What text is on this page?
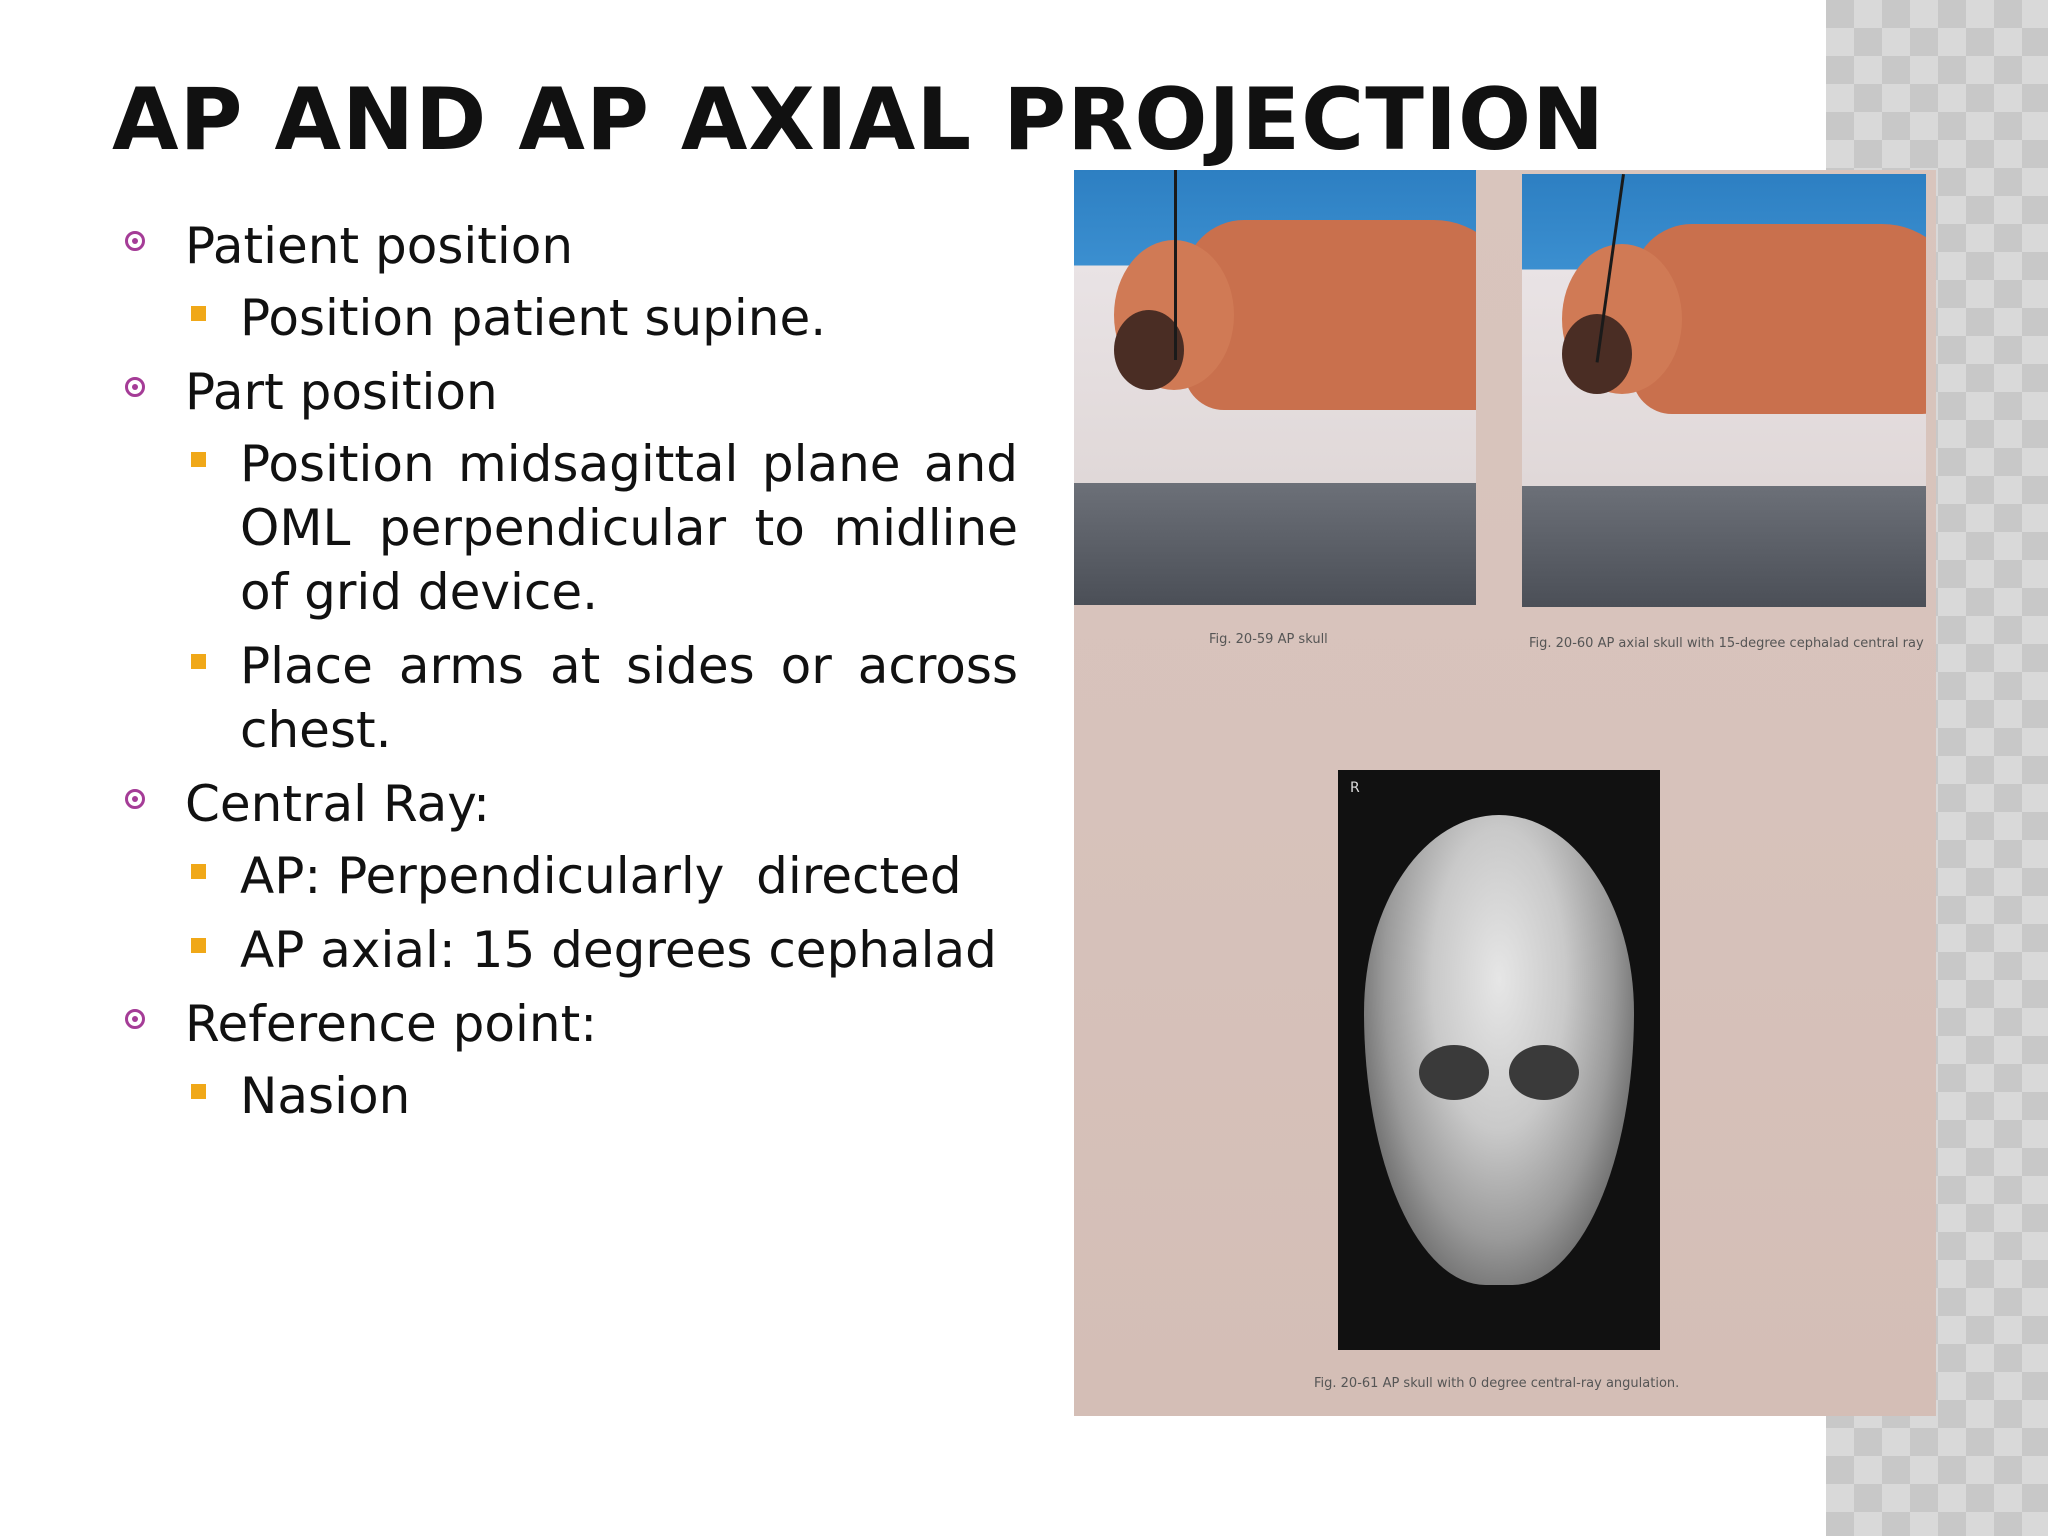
AP AND AP AXIAL PROJECTION
Patient position
Position patient supine.
Part position
Position midsagittal plane and OML perpendicular to midline of grid device.
Place arms at sides or across chest.
Central Ray:
AP: Perpendicularly  directed
AP axial: 15 degrees cephalad
Reference point:
Nasion
Fig. 20-59 AP skull	Fig. 20-60 AP axial skull with 15-degree cephalad central ray
R
Fig. 20-61 AP skull with 0 degree central-ray angulation.
